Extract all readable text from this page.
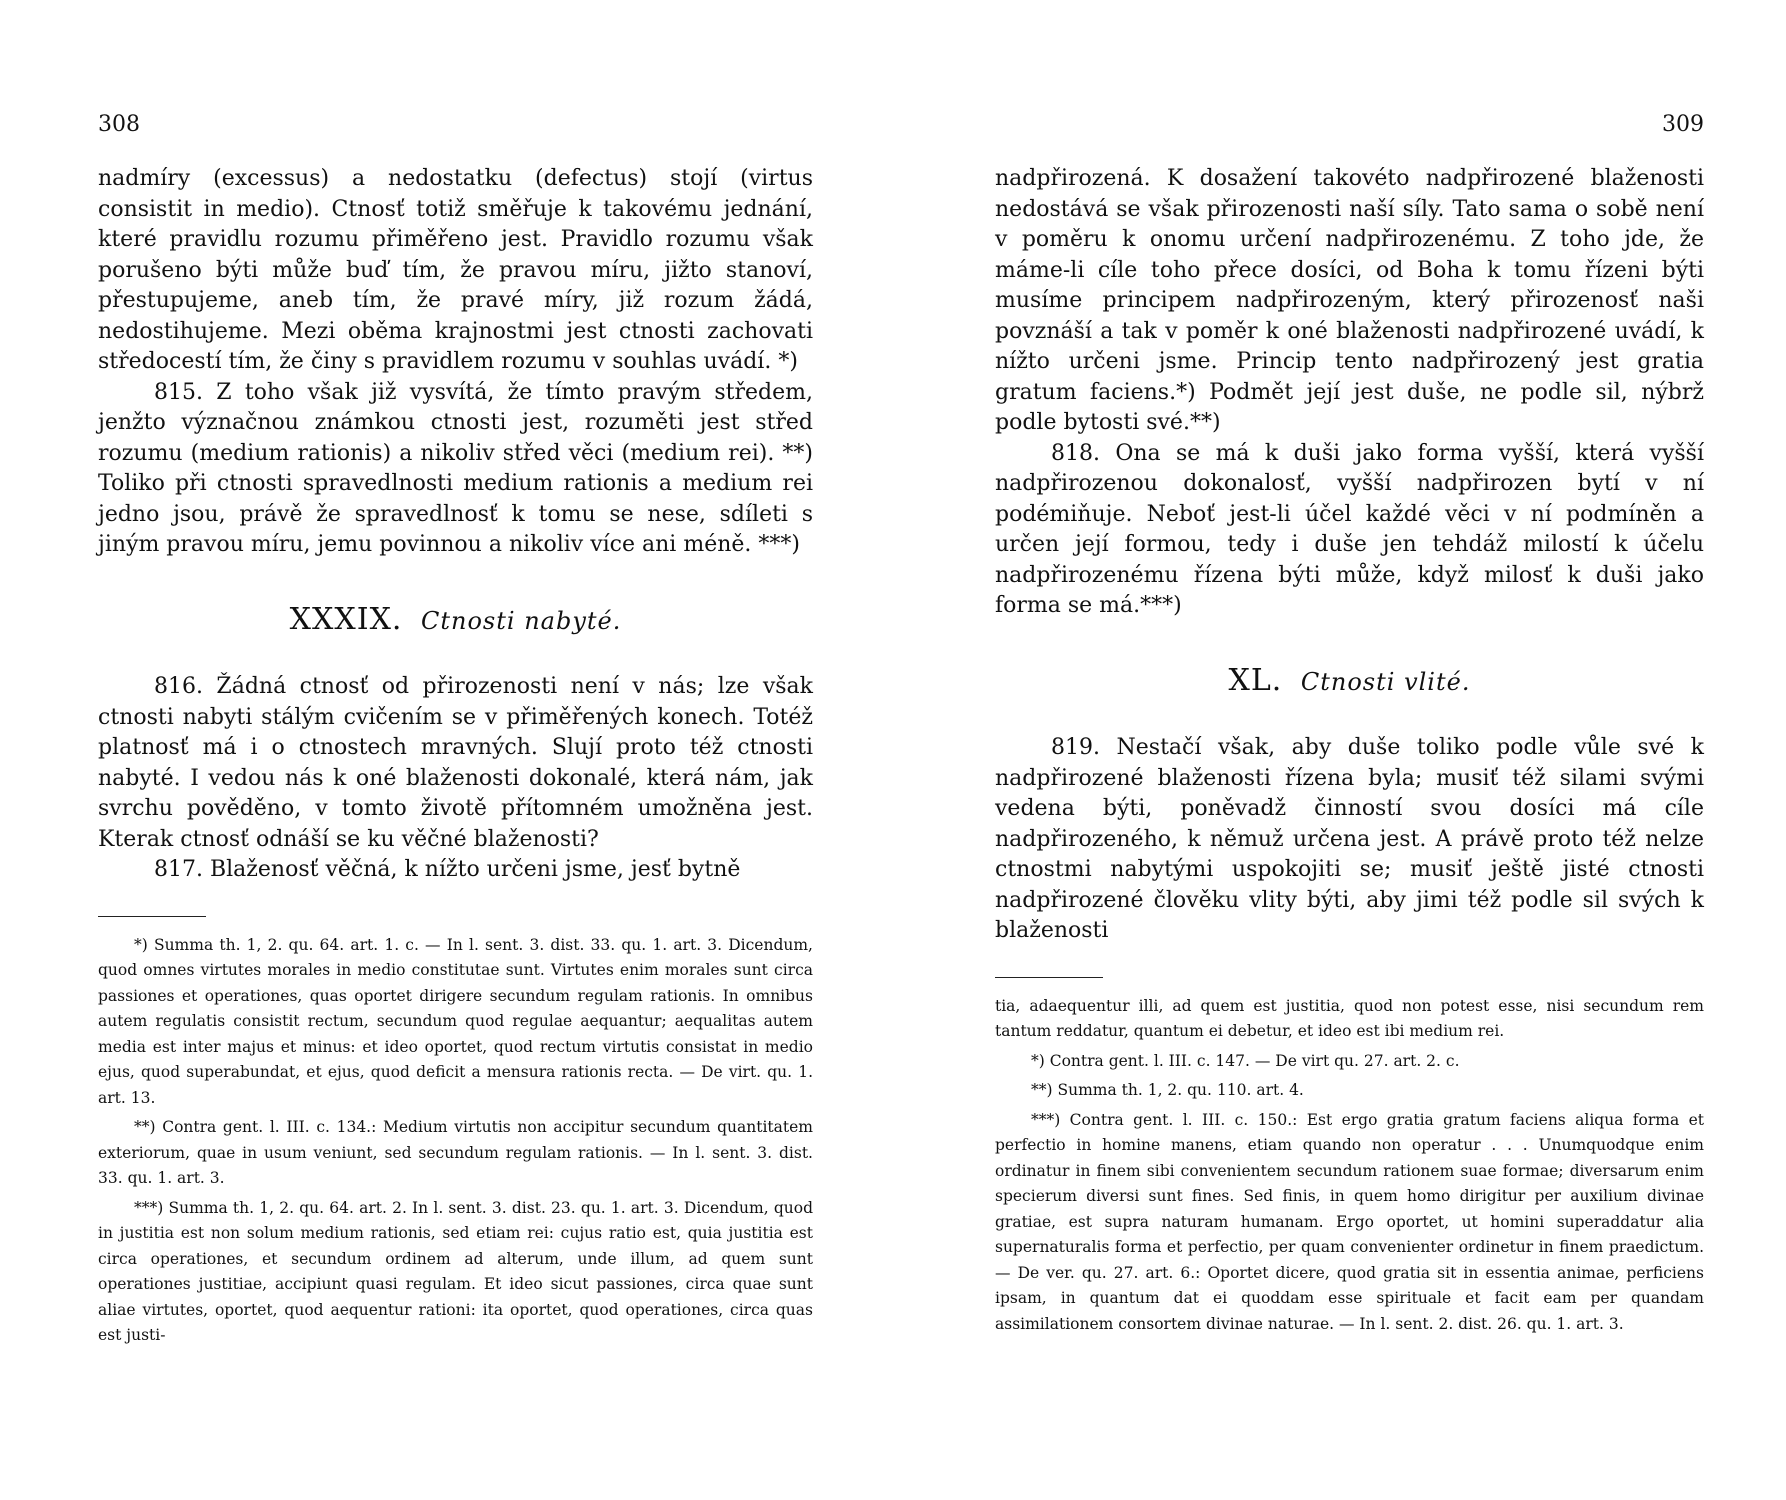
308

nadmíry (excessus) a nedostatku (defectus) stojí (virtus consistit in medio). Ctnosť totiž směřuje k takovému jednání, které pravidlu rozumu přiměřeno jest. Pravidlo rozumu však porušeno býti může buď tím, že pravou míru, jižto stanoví, přestupujeme, aneb tím, že pravé míry, již rozum žádá, nedostihujeme. Mezi oběma krajnostmi jest ctnosti zachovati středocestí tím, že činy s pravidlem rozumu v souhlas uvádí. *)

815. Z toho však již vysvítá, že tímto pravým středem, jenžto význačnou známkou ctnosti jest, rozuměti jest střed rozumu (medium rationis) a nikoliv střed věci (medium rei). **) Toliko při ctnosti spravedlnosti medium rationis a medium rei jedno jsou, právě že spravedlnosť k tomu se nese, sdíleti s jiným pravou míru, jemu povinnou a nikoliv více ani méně. ***)

XXXIX. Ctnosti nabyté.

816. Žádná ctnosť od přirozenosti není v nás; lze však ctnosti nabyti stálým cvičením se v přiměřených konech. Totéž platnosť má i o ctnostech mravných. Slují proto též ctnosti nabyté. I vedou nás k oné blaženosti dokonalé, která nám, jak svrchu pověděno, v tomto životě přítomném umožněna jest. Kterak ctnosť odnáší se ku věčné blaženosti?

817. Blaženosť věčná, k nížto určeni jsme, jesť bytně

*) Summa th. 1, 2. qu. 64. art. 1. c. — In l. sent. 3. dist. 33. qu. 1. art. 3. Dicendum, quod omnes virtutes morales in medio constitutae sunt. Virtutes enim morales sunt circa passiones et operationes, quas oportet dirigere secundum regulam rationis. In omnibus autem regulatis consistit rectum, secundum quod regulae aequantur; aequalitas autem media est inter majus et minus: et ideo oportet, quod rectum virtutis consistat in medio ejus, quod superabundat, et ejus, quod deficit a mensura rationis recta. — De virt. qu. 1. art. 13.

**) Contra gent. l. III. c. 134.: Medium virtutis non accipitur secundum quantitatem exteriorum, quae in usum veniunt, sed secundum regulam rationis. — In l. sent. 3. dist. 33. qu. 1. art. 3.

***) Summa th. 1, 2. qu. 64. art. 2. In l. sent. 3. dist. 23. qu. 1. art. 3. Dicendum, quod in justitia est non solum medium rationis, sed etiam rei: cujus ratio est, quia justitia est circa operationes, et secundum ordinem ad alterum, unde illum, ad quem sunt operationes justitiae, accipiunt quasi regulam. Et ideo sicut passiones, circa quae sunt aliae virtutes, oportet, quod aequentur rationi: ita oportet, quod operationes, circa quas est justi-

309

nadpřirozená. K dosažení takovéto nadpřirozené blaženosti nedostává se však přirozenosti naší síly. Tato sama o sobě není v poměru k onomu určení nadpřirozenému. Z toho jde, že máme-li cíle toho přece dosíci, od Boha k tomu řízeni býti musíme principem nadpřirozeným, který přirozenosť naši povznáší a tak v poměr k oné blaženosti nadpřirozené uvádí, k nížto určeni jsme. Princip tento nadpřirozený jest gratia gratum faciens.*) Podmět její jest duše, ne podle sil, nýbrž podle bytosti své.**)

818. Ona se má k duši jako forma vyšší, která vyšší nadpřirozenou dokonalosť, vyšší nadpřirozen bytí v ní podémiňuje. Neboť jest-li účel každé věci v ní podmíněn a určen její formou, tedy i duše jen tehdáž milostí k účelu nadpřirozenému řízena býti může, když milosť k duši jako forma se má.***)

XL. Ctnosti vlité.

819. Nestačí však, aby duše toliko podle vůle své k nadpřirozené blaženosti řízena byla; musiť též silami svými vedena býti, poněvadž činností svou dosíci má cíle nadpřirozeného, k němuž určena jest. A právě proto též nelze ctnostmi nabytými uspokojiti se; musiť ještě jisté ctnosti nadpřirozené člověku vlity býti, aby jimi též podle sil svých k blaženosti

tia, adaequentur illi, ad quem est justitia, quod non potest esse, nisi secundum rem tantum reddatur, quantum ei debetur, et ideo est ibi medium rei.

*) Contra gent. l. III. c. 147. — De virt qu. 27. art. 2. c.

**) Summa th. 1, 2. qu. 110. art. 4.

***) Contra gent. l. III. c. 150.: Est ergo gratia gratum faciens aliqua forma et perfectio in homine manens, etiam quando non operatur . . . Unumquodque enim ordinatur in finem sibi convenientem secundum rationem suae formae; diversarum enim specierum diversi sunt fines. Sed finis, in quem homo dirigitur per auxilium divinae gratiae, est supra naturam humanam. Ergo oportet, ut homini superaddatur alia supernaturalis forma et perfectio, per quam convenienter ordinetur in finem praedictum. — De ver. qu. 27. art. 6.: Oportet dicere, quod gratia sit in essentia animae, perficiens ipsam, in quantum dat ei quoddam esse spirituale et facit eam per quandam assimilationem consortem divinae naturae. — In l. sent. 2. dist. 26. qu. 1. art. 3.
